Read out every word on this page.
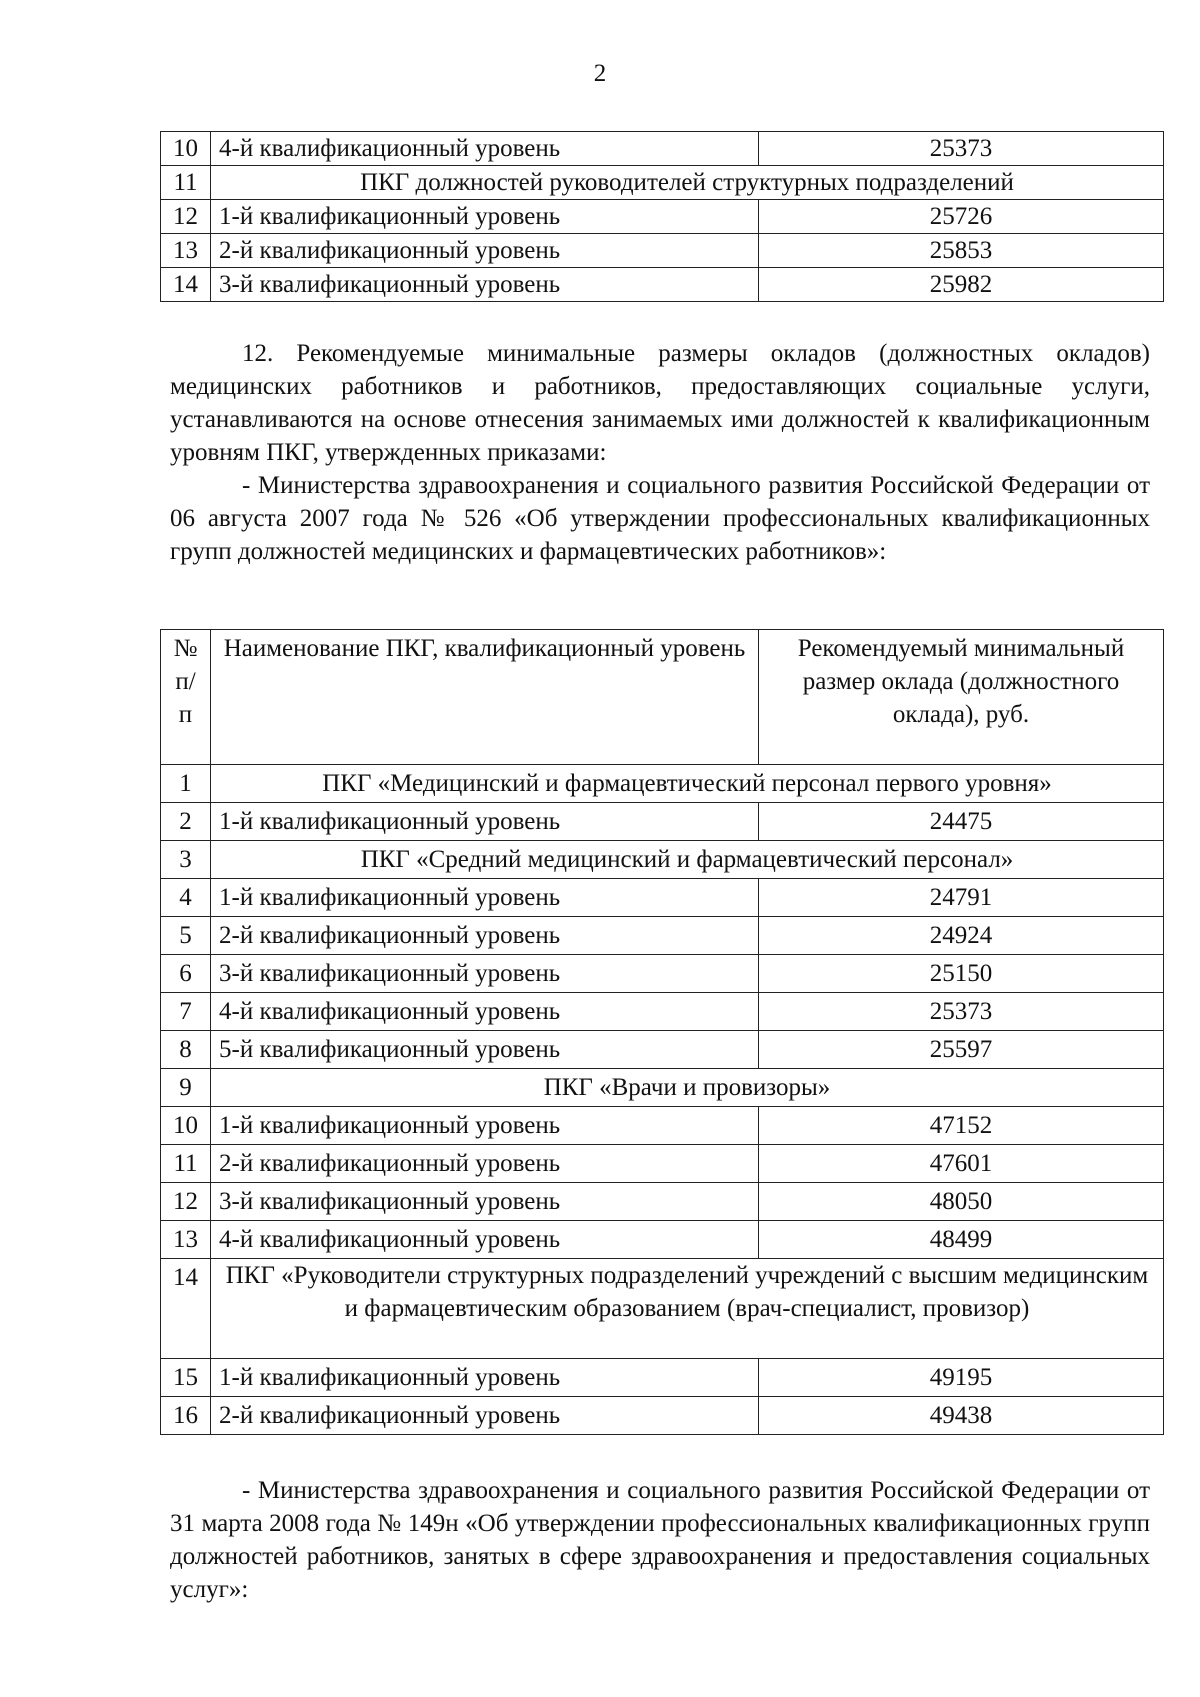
2
10	4-й квалификационный уровень	25373
11	ПКГ должностей руководителей структурных подразделений	
12	1-й квалификационный уровень	25726
13	2-й квалификационный уровень	25853
14	3-й квалификационный уровень	25982

12. Рекомендуемые минимальные размеры окладов (должностных окладов) медицинских работников и работников, предоставляющих социальные услуги, устанавливаются на основе отнесения занимаемых ими должностей к квалификационным уровням ПКГ, утвержденных приказами:

- Министерства здравоохранения и социального развития Российской Федерации от 06 августа 2007 года № 526 «Об утверждении профессиональных квалификационных групп должностей медицинских и фармацевтических работников»:

№ п/п	Наименование ПКГ, квалификационный уровень	Рекомендуемый минимальный размер оклада (должностного оклада), руб.
1	ПКГ «Медицинский и фармацевтический персонал первого уровня»	
2	1-й квалификационный уровень	24475
3	ПКГ «Средний медицинский и фармацевтический персонал»	
4	1-й квалификационный уровень	24791
5	2-й квалификационный уровень	24924
6	3-й квалификационный уровень	25150
7	4-й квалификационный уровень	25373
8	5-й квалификационный уровень	25597
9	ПКГ «Врачи и провизоры»	
10	1-й квалификационный уровень	47152
11	2-й квалификационный уровень	47601
12	3-й квалификационный уровень	48050
13	4-й квалификационный уровень	48499
14	ПКГ «Руководители структурных подразделений учреждений с высшим медицинским и фармацевтическим образованием (врач-специалист, провизор)	
15	1-й квалификационный уровень	49195
16	2-й квалификационный уровень	49438

- Министерства здравоохранения и социального развития Российской Федерации от 31 марта 2008 года № 149н «Об утверждении профессиональных квалификационных групп должностей работников, занятых в сфере здравоохранения и предоставления социальных услуг»:
